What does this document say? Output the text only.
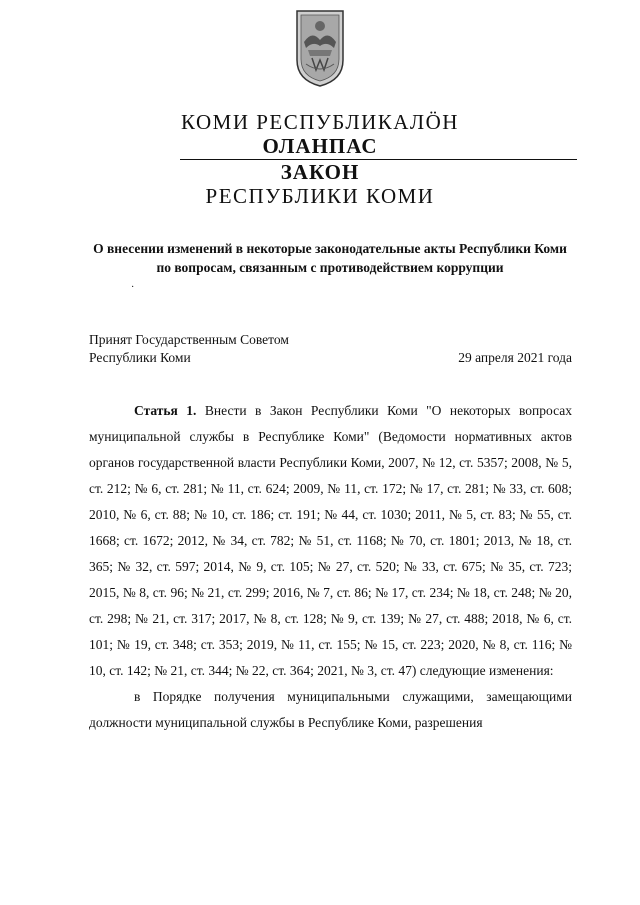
КОМИ РЕСПУБЛИКАЛӦН
ОЛАНПАС
ЗАКОН
РЕСПУБЛИКИ КОМИ
О внесении изменений в некоторые законодательные акты Республики Коми по вопросам, связанным с противодействием коррупции
·
Принят Государственным Советом
Республики Коми	29 апреля 2021 года

Статья 1. Внести в Закон Республики Коми "О некоторых вопросах муниципальной службы в Республике Коми" (Ведомости нормативных актов органов государственной власти Республики Коми, 2007, № 12, ст. 5357; 2008, № 5, ст. 212; № 6, ст. 281; № 11, ст. 624; 2009, № 11, ст. 172; № 17, ст. 281; № 33, ст. 608; 2010, № 6, ст. 88; № 10, ст. 186; ст. 191; № 44, ст. 1030; 2011, № 5, ст. 83; № 55, ст. 1668; ст. 1672; 2012, № 34, ст. 782; № 51, ст. 1168; № 70, ст. 1801; 2013, № 18, ст. 365; № 32, ст. 597; 2014, № 9, ст. 105; № 27, ст. 520; № 33, ст. 675; № 35, ст. 723; 2015, № 8, ст. 96; № 21, ст. 299; 2016, № 7, ст. 86; № 17, ст. 234; № 18, ст. 248; № 20, ст. 298; № 21, ст. 317; 2017, № 8, ст. 128; № 9, ст. 139; № 27, ст. 488; 2018, № 6, ст. 101; № 19, ст. 348; ст. 353; 2019, № 11, ст. 155; № 15, ст. 223; 2020, № 8, ст. 116; № 10, ст. 142; № 21, ст. 344; № 22, ст. 364; 2021, № 3, ст. 47) следующие изменения:

в Порядке получения муниципальными служащими, замещающими должности муниципальной службы в Республике Коми, разрешения
